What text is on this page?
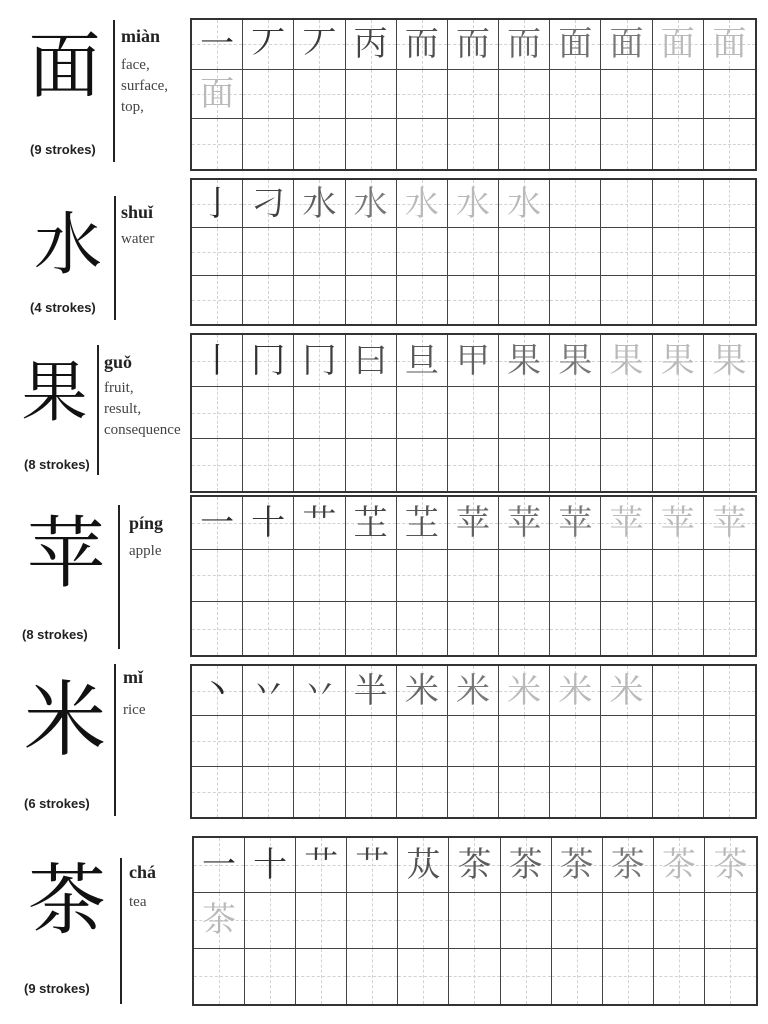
面
(9 strokes)
miàn
face,
surface,
top,
一 丆 丆 丙 而 而 而 面 面 面 面
面
水
(4 strokes)
shuǐ
water
亅 刁 水 水 水 水 水
果
(8 strokes)
guǒ
fruit,
result,
consequence
丨 冂 冂 曰 旦 甲 果 果 果 果 果
苹
(8 strokes)
píng
apple
一 十 艹 芏 芏 苹 苹 苹 苹 苹 苹
米
(6 strokes)
mǐ
rice 丶 丷 丷 半 米 米 米 米 米
茶
(9 strokes)
chá
tea
一 十 艹 艹 苁 茶 茶 茶 茶 茶 茶
茶
